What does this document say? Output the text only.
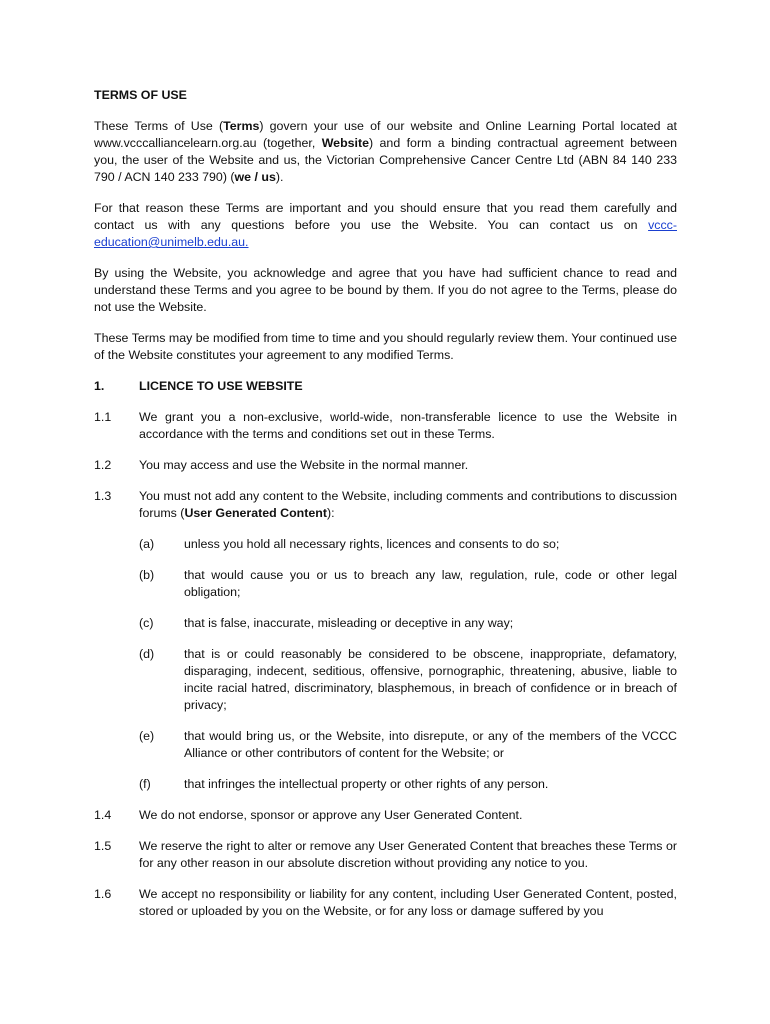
TERMS OF USE

These Terms of Use (Terms) govern your use of our website and Online Learning Portal located at www.vcccalliancelearn.org.au (together, Website) and form a binding contractual agreement between you, the user of the Website and us, the Victorian Comprehensive Cancer Centre Ltd (ABN 84 140 233 790 / ACN 140 233 790) (we / us).

For that reason these Terms are important and you should ensure that you read them carefully and contact us with any questions before you use the Website. You can contact us on vccc-education@unimelb.edu.au.

By using the Website, you acknowledge and agree that you have had sufficient chance to read and understand these Terms and you agree to be bound by them. If you do not agree to the Terms, please do not use the Website.

These Terms may be modified from time to time and you should regularly review them. Your continued use of the Website constitutes your agreement to any modified Terms.

1.	LICENCE TO USE WEBSITE
1.1	We grant you a non-exclusive, world-wide, non-transferable licence to use the Website in accordance with the terms and conditions set out in these Terms.
1.2	You may access and use the Website in the normal manner.
1.3	You must not add any content to the Website, including comments and contributions to discussion forums (User Generated Content):
(a)	unless you hold all necessary rights, licences and consents to do so;
(b)	that would cause you or us to breach any law, regulation, rule, code or other legal obligation;
(c)	that is false, inaccurate, misleading or deceptive in any way;
(d)	that is or could reasonably be considered to be obscene, inappropriate, defamatory, disparaging, indecent, seditious, offensive, pornographic, threatening, abusive, liable to incite racial hatred, discriminatory, blasphemous, in breach of confidence or in breach of privacy;
(e)	that would bring us, or the Website, into disrepute, or any of the members of the VCCC Alliance or other contributors of content for the Website; or
(f)	that infringes the intellectual property or other rights of any person.
1.4	We do not endorse, sponsor or approve any User Generated Content.
1.5	We reserve the right to alter or remove any User Generated Content that breaches these Terms or for any other reason in our absolute discretion without providing any notice to you.
1.6	We accept no responsibility or liability for any content, including User Generated Content, posted, stored or uploaded by you on the Website, or for any loss or damage suffered by you
